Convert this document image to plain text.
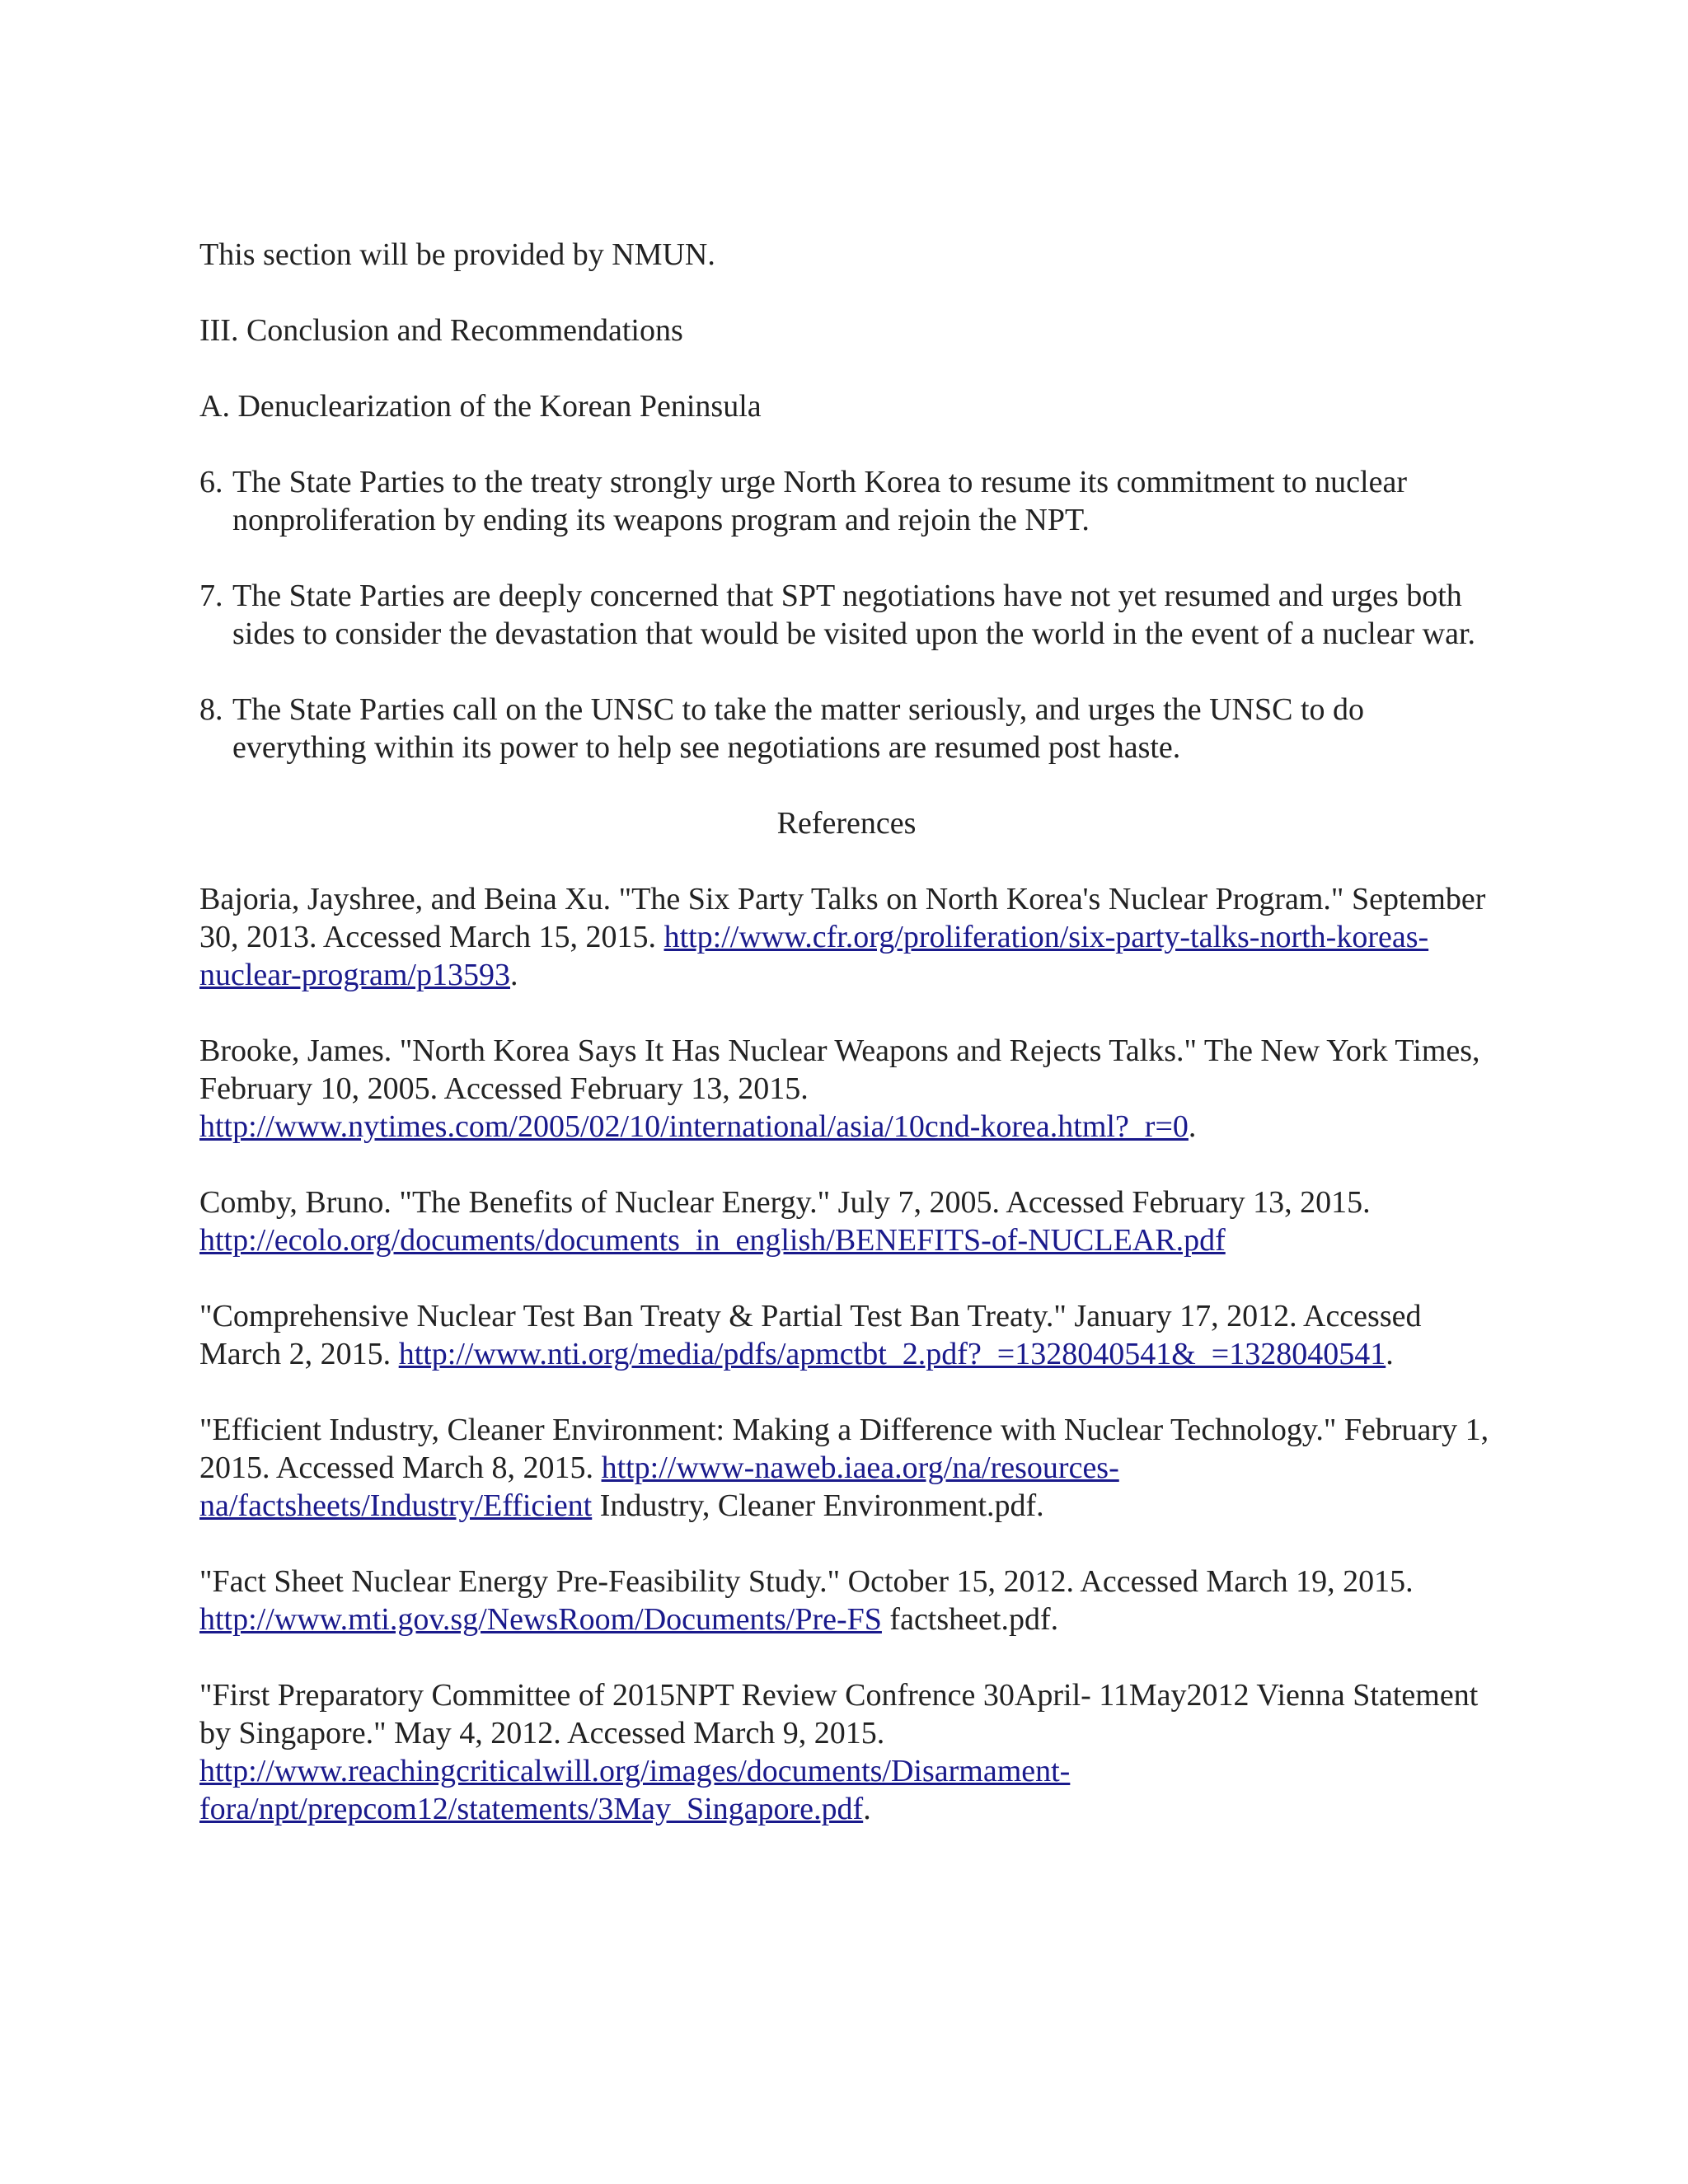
This section will be provided by NMUN.

III. Conclusion and Recommendations

A. Denuclearization of the Korean Peninsula

6. The State Parties to the treaty strongly urge North Korea to resume its commitment to nuclear nonproliferation by ending its weapons program and rejoin the NPT.
7. The State Parties are deeply concerned that SPT negotiations have not yet resumed and urges both sides to consider the devastation that would be visited upon the world in the event of a nuclear war.
8. The State Parties call on the UNSC to take the matter seriously, and urges the UNSC to do everything within its power to help see negotiations are resumed post haste.

References

Bajoria, Jayshree, and Beina Xu. "The Six Party Talks on North Korea's Nuclear Program." September 30, 2013. Accessed March 15, 2015. http://www.cfr.org/proliferation/six-party-talks-north-koreas-nuclear-program/p13593.

Brooke, James. "North Korea Says It Has Nuclear Weapons and Rejects Talks." The New York Times, February 10, 2005. Accessed February 13, 2015. http://www.nytimes.com/2005/02/10/international/asia/10cnd-korea.html?_r=0.

Comby, Bruno. "The Benefits of Nuclear Energy." July 7, 2005. Accessed February 13, 2015. http://ecolo.org/documents/documents_in_english/BENEFITS-of-NUCLEAR.pdf

"Comprehensive Nuclear Test Ban Treaty & Partial Test Ban Treaty." January 17, 2012. Accessed March 2, 2015. http://www.nti.org/media/pdfs/apmctbt_2.pdf?_=1328040541&_=1328040541.

"Efficient Industry, Cleaner Environment: Making a Difference with Nuclear Technology." February 1, 2015. Accessed March 8, 2015. http://www-naweb.iaea.org/na/resources-na/factsheets/Industry/Efficient Industry, Cleaner Environment.pdf.

"Fact Sheet Nuclear Energy Pre-Feasibility Study." October 15, 2012. Accessed March 19, 2015. http://www.mti.gov.sg/NewsRoom/Documents/Pre-FS factsheet.pdf.

"First Preparatory Committee of 2015NPT Review Confrence 30April- 11May2012 Vienna Statement by Singapore." May 4, 2012. Accessed March 9, 2015. http://www.reachingcriticalwill.org/images/documents/Disarmament-fora/npt/prepcom12/statements/3May_Singapore.pdf.
